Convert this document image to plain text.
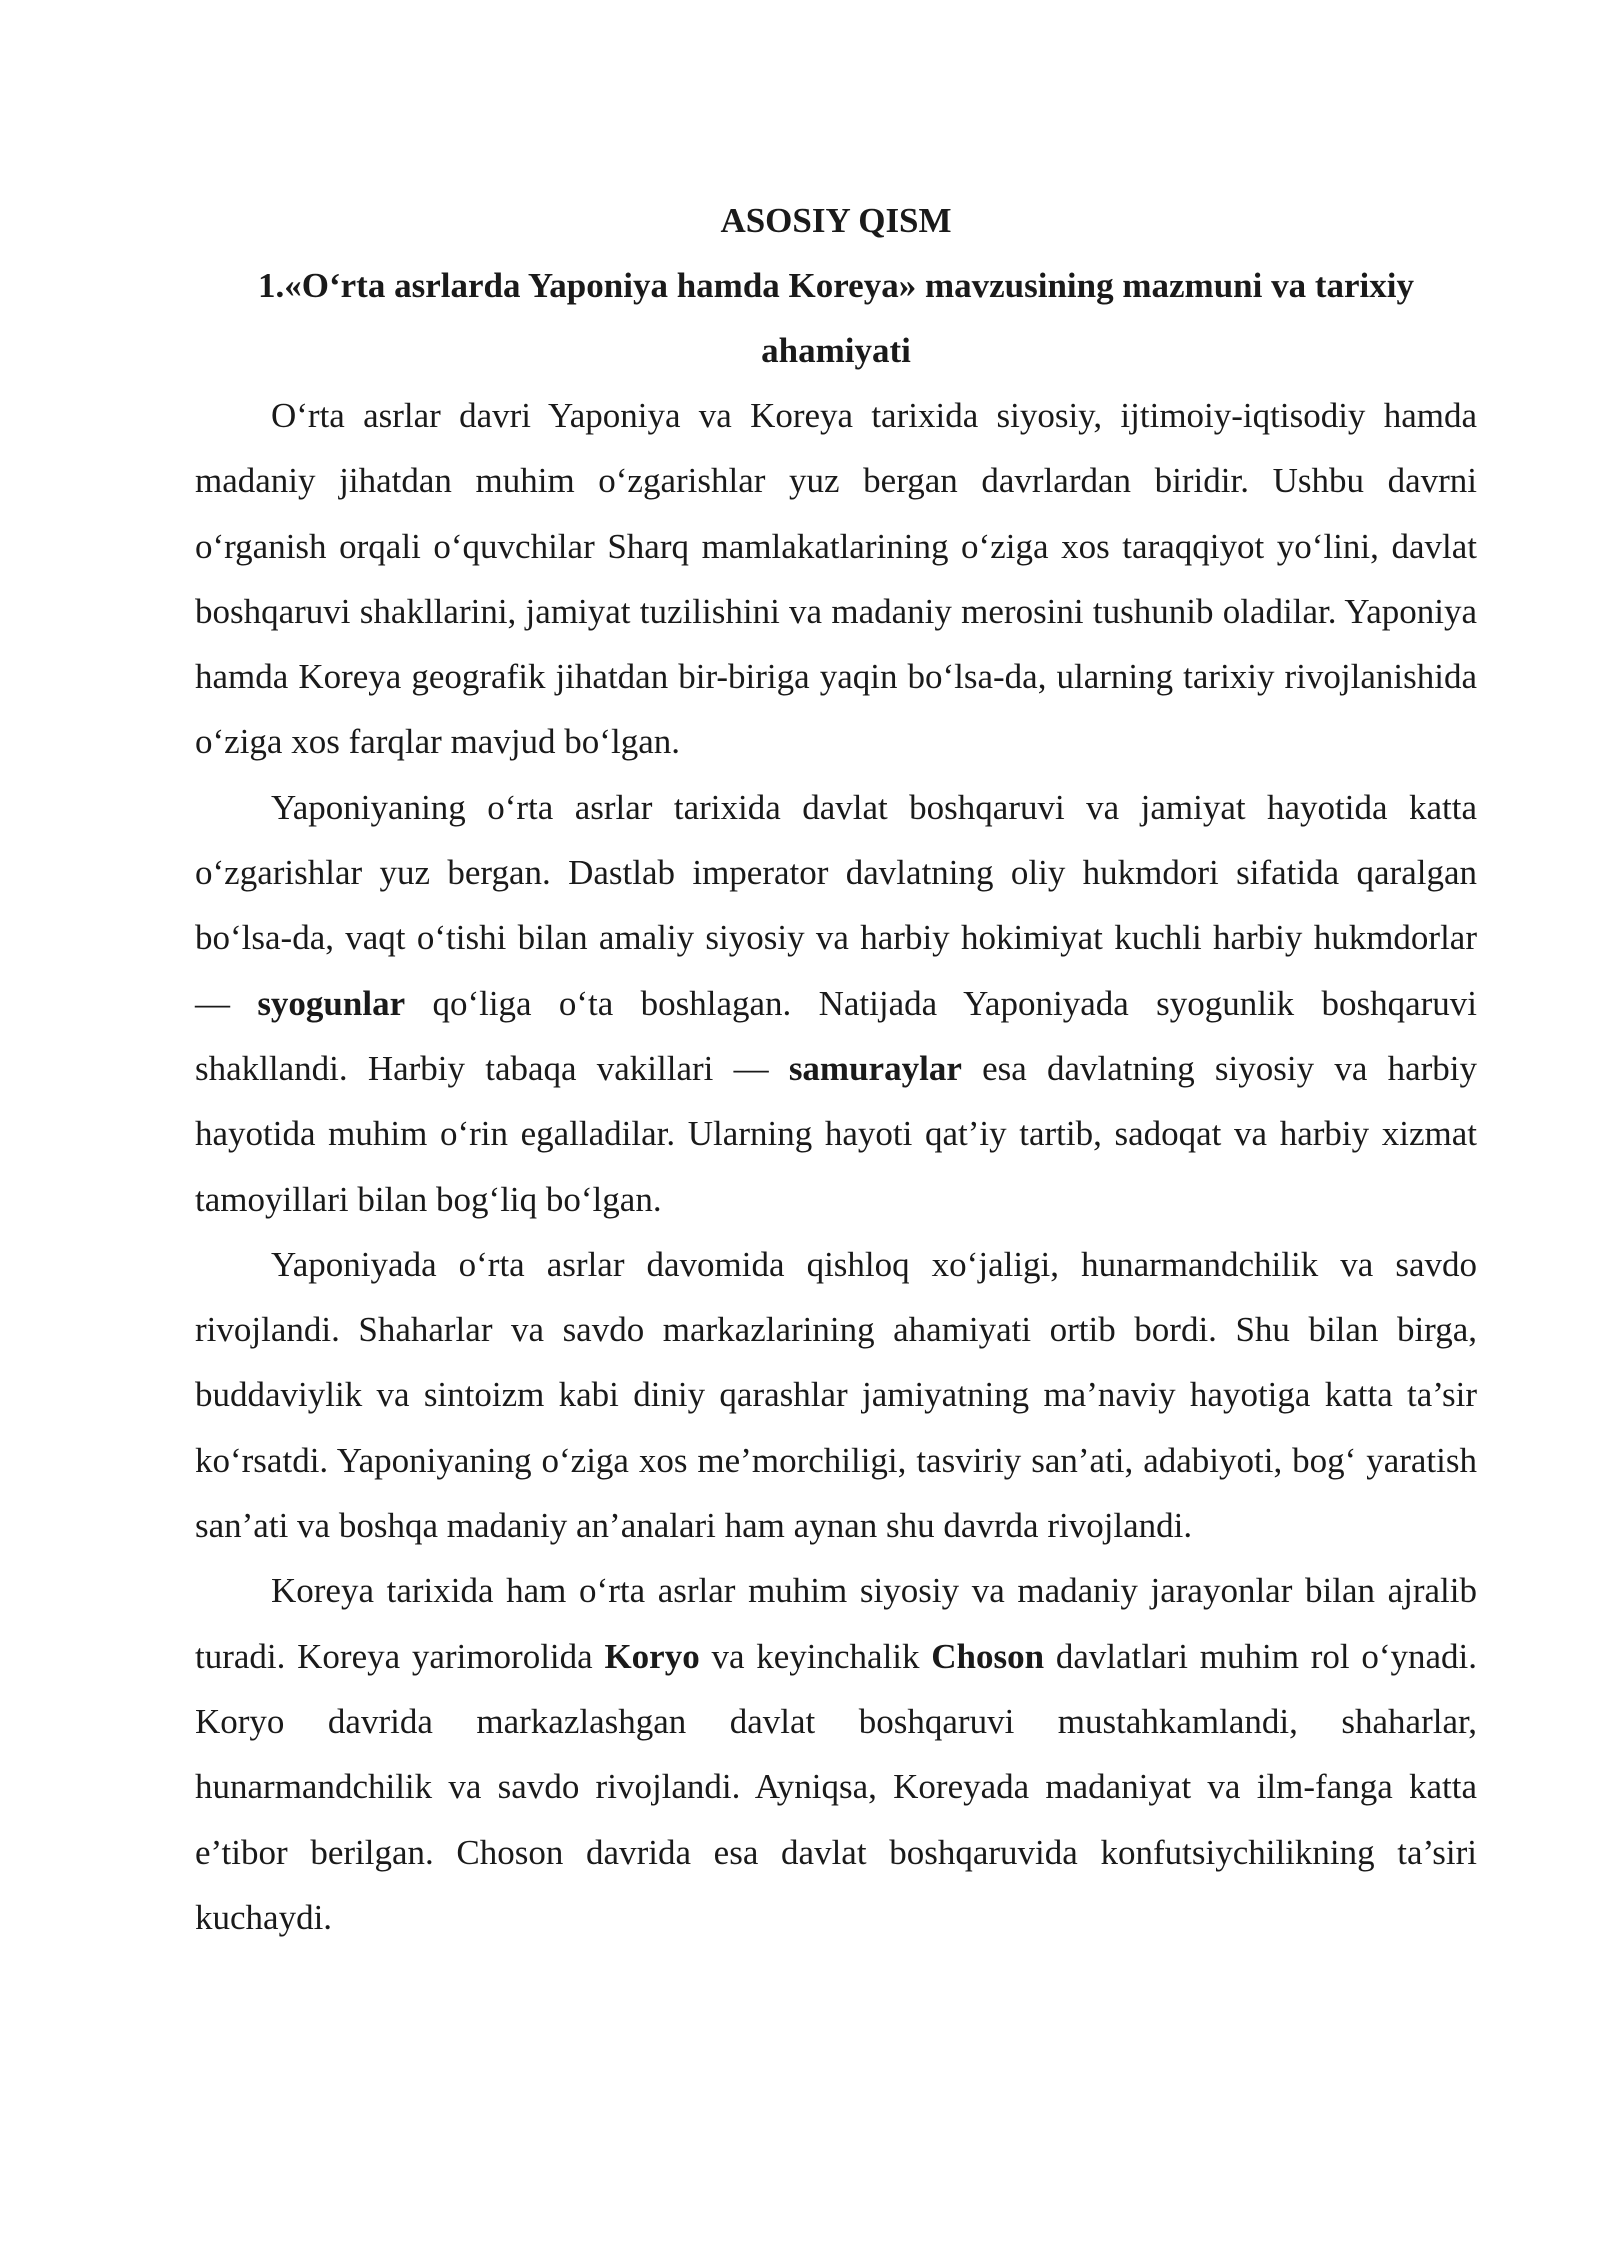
ASOSIY QISM
1.«O‘rta asrlarda Yaponiya hamda Koreya» mavzusining mazmuni va tarixiy ahamiyati

O‘rta asrlar davri Yaponiya va Koreya tarixida siyosiy, ijtimoiy-iqtisodiy hamda madaniy jihatdan muhim o‘zgarishlar yuz bergan davrlardan biridir. Ushbu davrni o‘rganish orqali o‘quvchilar Sharq mamlakatlarining o‘ziga xos taraqqiyot yo‘lini, davlat boshqaruvi shakllarini, jamiyat tuzilishini va madaniy merosini tushunib oladilar. Yaponiya hamda Koreya geografik jihatdan bir-biriga yaqin bo‘lsa-da, ularning tarixiy rivojlanishida o‘ziga xos farqlar mavjud bo‘lgan.

Yaponiyaning o‘rta asrlar tarixida davlat boshqaruvi va jamiyat hayotida katta o‘zgarishlar yuz bergan. Dastlab imperator davlatning oliy hukmdori sifatida qaralgan bo‘lsa-da, vaqt o‘tishi bilan amaliy siyosiy va harbiy hokimiyat kuchli harbiy hukmdorlar — syogunlar qo‘liga o‘ta boshlagan. Natijada Yaponiyada syogunlik boshqaruvi shakllandi. Harbiy tabaqa vakillari — samuraylar esa davlatning siyosiy va harbiy hayotida muhim o‘rin egalladilar. Ularning hayoti qat’iy tartib, sadoqat va harbiy xizmat tamoyillari bilan bog‘liq bo‘lgan.

Yaponiyada o‘rta asrlar davomida qishloq xo‘jaligi, hunarmandchilik va savdo rivojlandi. Shaharlar va savdo markazlarining ahamiyati ortib bordi. Shu bilan birga, buddaviylik va sintoizm kabi diniy qarashlar jamiyatning ma’naviy hayotiga katta ta’sir ko‘rsatdi. Yaponiyaning o‘ziga xos me’morchiligi, tasviriy san’ati, adabiyoti, bog‘ yaratish san’ati va boshqa madaniy an’analari ham aynan shu davrda rivojlandi.

Koreya tarixida ham o‘rta asrlar muhim siyosiy va madaniy jarayonlar bilan ajralib turadi. Koreya yarimorolida Koryo va keyinchalik Choson davlatlari muhim rol o‘ynadi. Koryo davrida markazlashgan davlat boshqaruvi mustahkamlandi, shaharlar, hunarmandchilik va savdo rivojlandi. Ayniqsa, Koreyada madaniyat va ilm-fanga katta e’tibor berilgan. Choson davrida esa davlat boshqaruvida konfutsiychilikning ta’siri kuchaydi.
